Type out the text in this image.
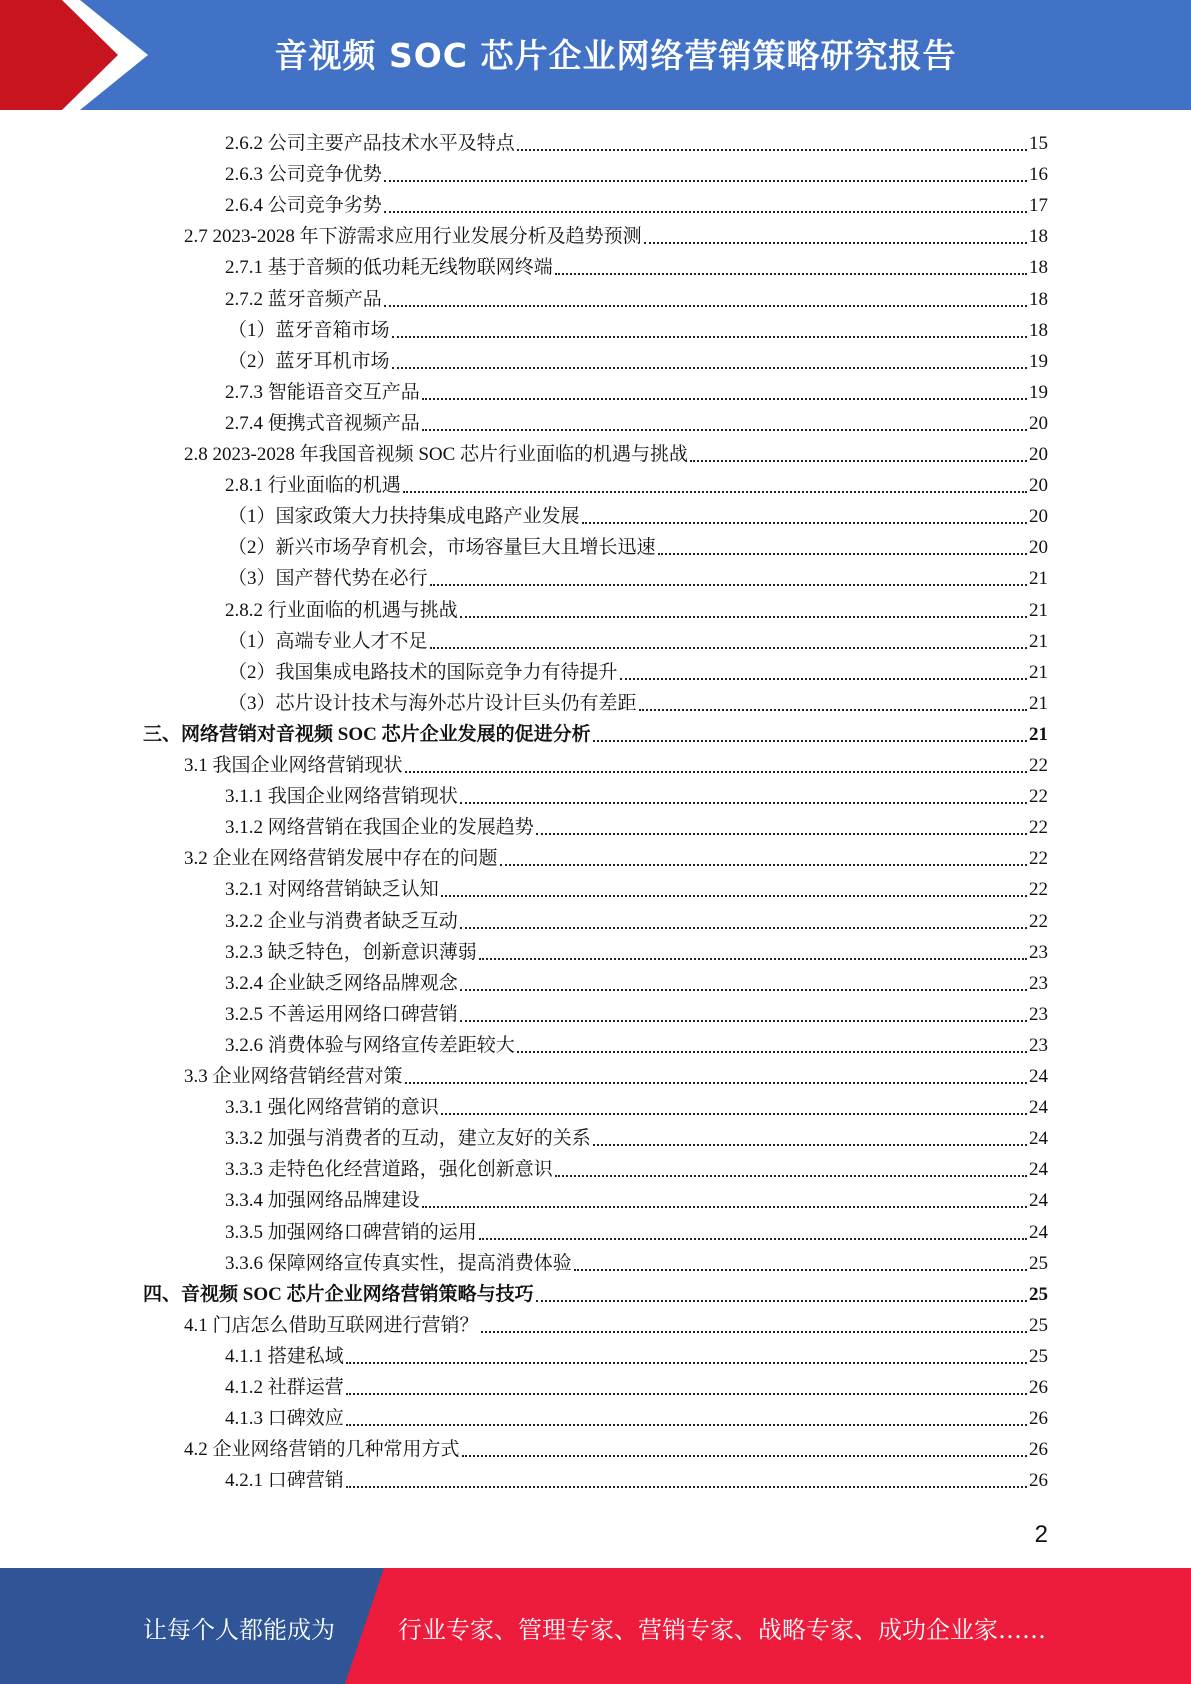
音视频 SOC 芯片企业网络营销策略研究报告
2.6.2 公司主要产品技术水平及特点	15
2.6.3 公司竞争优势	16
2.6.4 公司竞争劣势	17
2.7 2023-2028 年下游需求应用行业发展分析及趋势预测	18
2.7.1 基于音频的低功耗无线物联网终端	18
2.7.2 蓝牙音频产品	18
（1）蓝牙音箱市场	18
（2）蓝牙耳机市场	19
2.7.3 智能语音交互产品	19
2.7.4 便携式音视频产品	20
2.8 2023-2028 年我国音视频 SOC 芯片行业面临的机遇与挑战	20
2.8.1 行业面临的机遇	20
（1）国家政策大力扶持集成电路产业发展	20
（2）新兴市场孕育机会，市场容量巨大且增长迅速	20
（3）国产替代势在必行	21
2.8.2 行业面临的机遇与挑战	21
（1）高端专业人才不足	21
（2）我国集成电路技术的国际竞争力有待提升	21
（3）芯片设计技术与海外芯片设计巨头仍有差距	21
三、网络营销对音视频 SOC 芯片企业发展的促进分析	21
3.1 我国企业网络营销现状	22
3.1.1 我国企业网络营销现状	22
3.1.2 网络营销在我国企业的发展趋势	22
3.2 企业在网络营销发展中存在的问题	22
3.2.1 对网络营销缺乏认知	22
3.2.2 企业与消费者缺乏互动	22
3.2.3 缺乏特色，创新意识薄弱	23
3.2.4 企业缺乏网络品牌观念	23
3.2.5 不善运用网络口碑营销	23
3.2.6 消费体验与网络宣传差距较大	23
3.3 企业网络营销经营对策	24
3.3.1 强化网络营销的意识	24
3.3.2 加强与消费者的互动，建立友好的关系	24
3.3.3 走特色化经营道路，强化创新意识	24
3.3.4 加强网络品牌建设	24
3.3.5 加强网络口碑营销的运用	24
3.3.6 保障网络宣传真实性，提高消费体验	25
四、音视频 SOC 芯片企业网络营销策略与技巧	25
4.1 门店怎么借助互联网进行营销？	25
4.1.1 搭建私域	25
4.1.2 社群运营	26
4.1.3 口碑效应	26
4.2 企业网络营销的几种常用方式	26
4.2.1 口碑营销	26
2
让每个人都能成为	行业专家、管理专家、营销专家、战略专家、成功企业家……
